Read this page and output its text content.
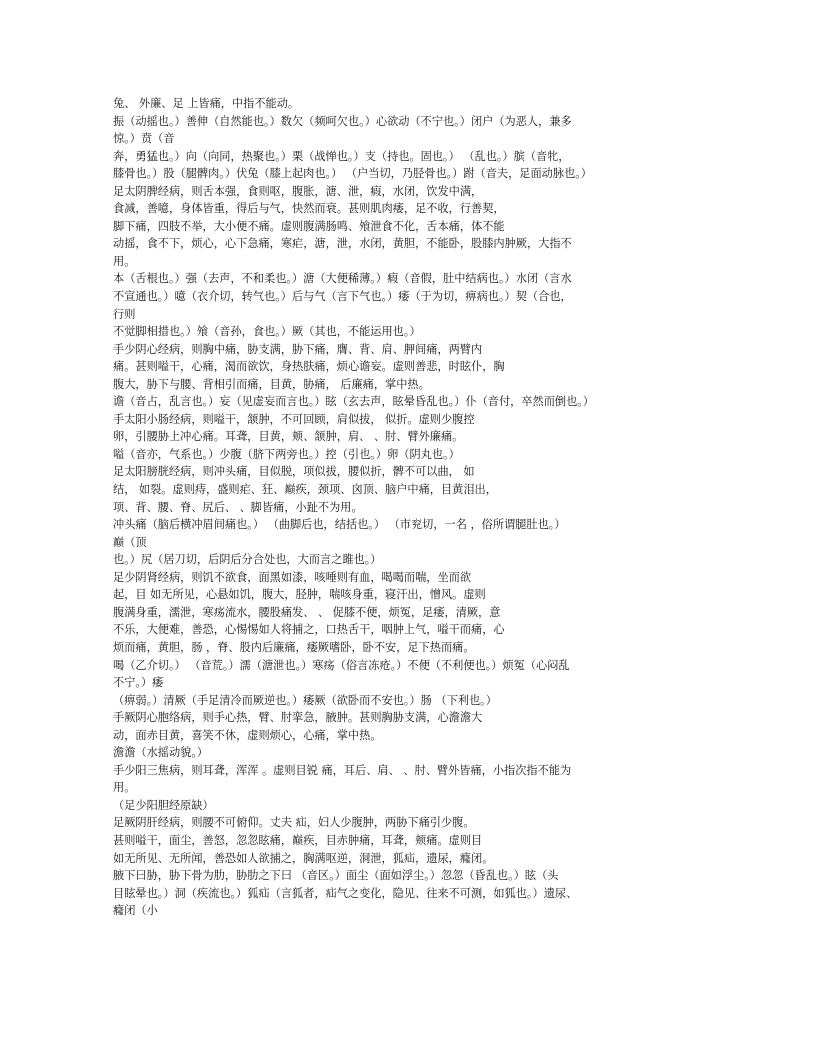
兔、 外廉、足 上皆痛，中指不能动。
振（动摇也。）善伸（自然能也。）数欠（频呵欠也。）心欲动（不宁也。）闭户（为恶人，兼多
惊。）贲（音
奔，勇猛也。）向（向同，热聚也。）栗（战惮也。）支（持也。固也。） （乱也。）膑（音牝，
膝骨也。）股（腿髀肉。）伏兔（膝上起肉也。） （户当切，乃胫骨也。）跗（音夫，足面动脉也。）
足太阴脾经病，则舌本强，食则呕，腹胀，溏、泄，瘕，水闭，饮发中满，
食减，善噫，身体皆重，得后与气，快然而衰。甚则肌肉痿，足不收，行善契，
脚下痛，四肢不举，大小便不痛。虚则腹满肠鸣、飧泄食不化，舌本痛，体不能
动摇，食不下，烦心，心下急痛，寒疟，溏，泄，水闭，黄胆，不能卧，股膝内肿厥，大指不
用。
本（舌根也。）强（去声，不和柔也。）溏（大便稀薄。）瘕（音假，肚中结病也。）水闭（言水
不宣通也。）噫（衣介切，转气也。）后与气（言下气也。）痿（于为切，痹病也。）契（合也，
行则
不觉脚相措也。）飧（音孙，食也。）厥（其也，不能运用也。）
手少阴心经病，则胸中痛，胁支满，胁下痛，膺、背、肩、胛间痛，两臂内
痛。甚则嗌干，心痛，渴而欲饮，身热肤痛，烦心谵妄。虚则善悲，时眩仆，胸
腹大，胁下与腰、背相引而痛，目黄，胁痛， 后廉痛，掌中热。
谵（音占，乱言也。）妄（见虚妄而言也。）眩（玄去声，眩晕昏乱也。）仆（音付，卒然而倒也。）
手太阳小肠经病，则嗌干，颔肿，不可回顾，肩似拔， 似折。虚则少腹控
卵，引腰胁上冲心痛。耳聋，目黄，颊、颔肿，肩、 、肘、臂外廉痛。
嗌（音亦，气系也。）少腹（脐下两旁也。）控（引也。）卵（阴丸也。）
足太阳膀胱经病，则冲头痛，目似脱，项似拔，腰似折，髀不可以曲， 如
结， 如裂。虚则痔，盛则疟、狂、巅疾，颈项、囟顶、脑户中痛，目黄泪出，
项、背、腰、脊、尻后、 、脚皆痛，小趾不为用。
冲头痛（脑后横冲眉间痛也。） （曲脚后也，结括也。） （市兖切，一名 ，俗所谓腿肚也。）
巅（顶
也。）尻（居刀切，后阴后分合处也，大而言之雎也。）
足少阴肾经病，则饥不欲食，面黑如漆，咳唾则有血，喝喝而喘，坐而欲
起，目 如无所见，心悬如饥，腹大，胫肿，喘咳身重，寝汗出，憎风。虚则
腹满身重，濡泄，寒疡流水，腰股痛发、 、 促膝不便，烦冤，足痿，清厥，意
不乐，大便难，善恐，心惕惕如人将捕之，口热舌干，咽肿上气，嗌干而痛，心
烦而痛，黄胆，肠 ，脊、股内后廉痛，痿厥嗜卧，卧不安，足下热而痛。
喝（乙介切。） （音荒。）濡（溏泄也。）寒疡（俗言冻疮。）不便（不利便也。）烦冤（心闷乱
不宁。）痿
（痹弱。）清厥（手足清冷而厥逆也。）痿厥（欲卧而不安也。）肠 （下利也。）
手厥阴心胞络病，则手心热，臂、肘挛急，腋肿。甚则胸胁支满，心澹澹大
动，面赤目黄，喜笑不休，虚则烦心，心痛，掌中热。
澹澹（水摇动貌。）
手少阳三焦病，则耳聋，浑浑 。虚则目锐 痛，耳后、肩、 、肘、臂外皆痛，小指次指不能为
用。
（足少阳胆经原缺）
足厥阴肝经病，则腰不可俯仰。丈夫 疝，妇人少腹肿，两胁下痛引少腹。
甚则嗌干，面尘，善怒，忽忽眩痛，巅疾，目赤肿痛，耳聋，颊痛。虚则目
如无所见、无所闻，善恐如人欲捕之，胸满呕逆，洞泄，狐疝，遗尿，癃闭。
腋下曰胁，胁下骨为肋，胁肋之下曰 （音区。）面尘（面如浮尘。）忽忽（昏乱也。）眩（头
目眩晕也。）洞（疾流也。）狐疝（言狐者，疝气之变化，隐见、往来不可测，如狐也。）遗尿、
癃闭（小
